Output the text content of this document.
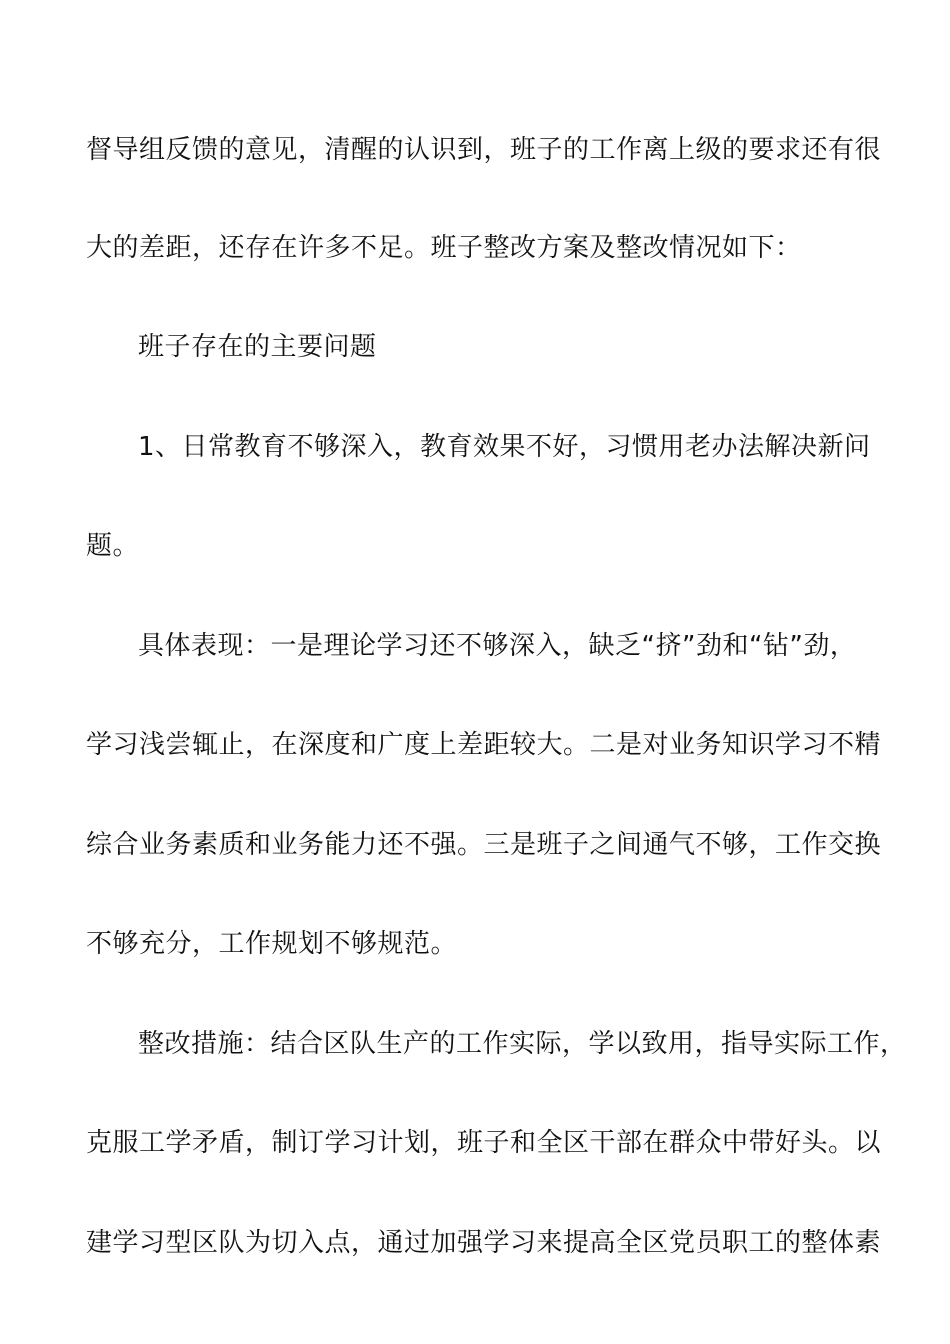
督导组反馈的意见，清醒的认识到，班子的工作离上级的要求还有很
大的差距，还存在许多不足。班子整改方案及整改情况如下：
班子存在的主要问题
1、日常教育不够深入，教育效果不好，习惯用老办法解决新问
题。
具体表现：一是理论学习还不够深入，缺乏“挤”劲和“钻”劲，
学习浅尝辄止，在深度和广度上差距较大。二是对业务知识学习不精
综合业务素质和业务能力还不强。三是班子之间通气不够，工作交换
不够充分，工作规划不够规范。
整改措施：结合区队生产的工作实际，学以致用，指导实际工作，
克服工学矛盾，制订学习计划，班子和全区干部在群众中带好头。以
建学习型区队为切入点，通过加强学习来提高全区党员职工的整体素
